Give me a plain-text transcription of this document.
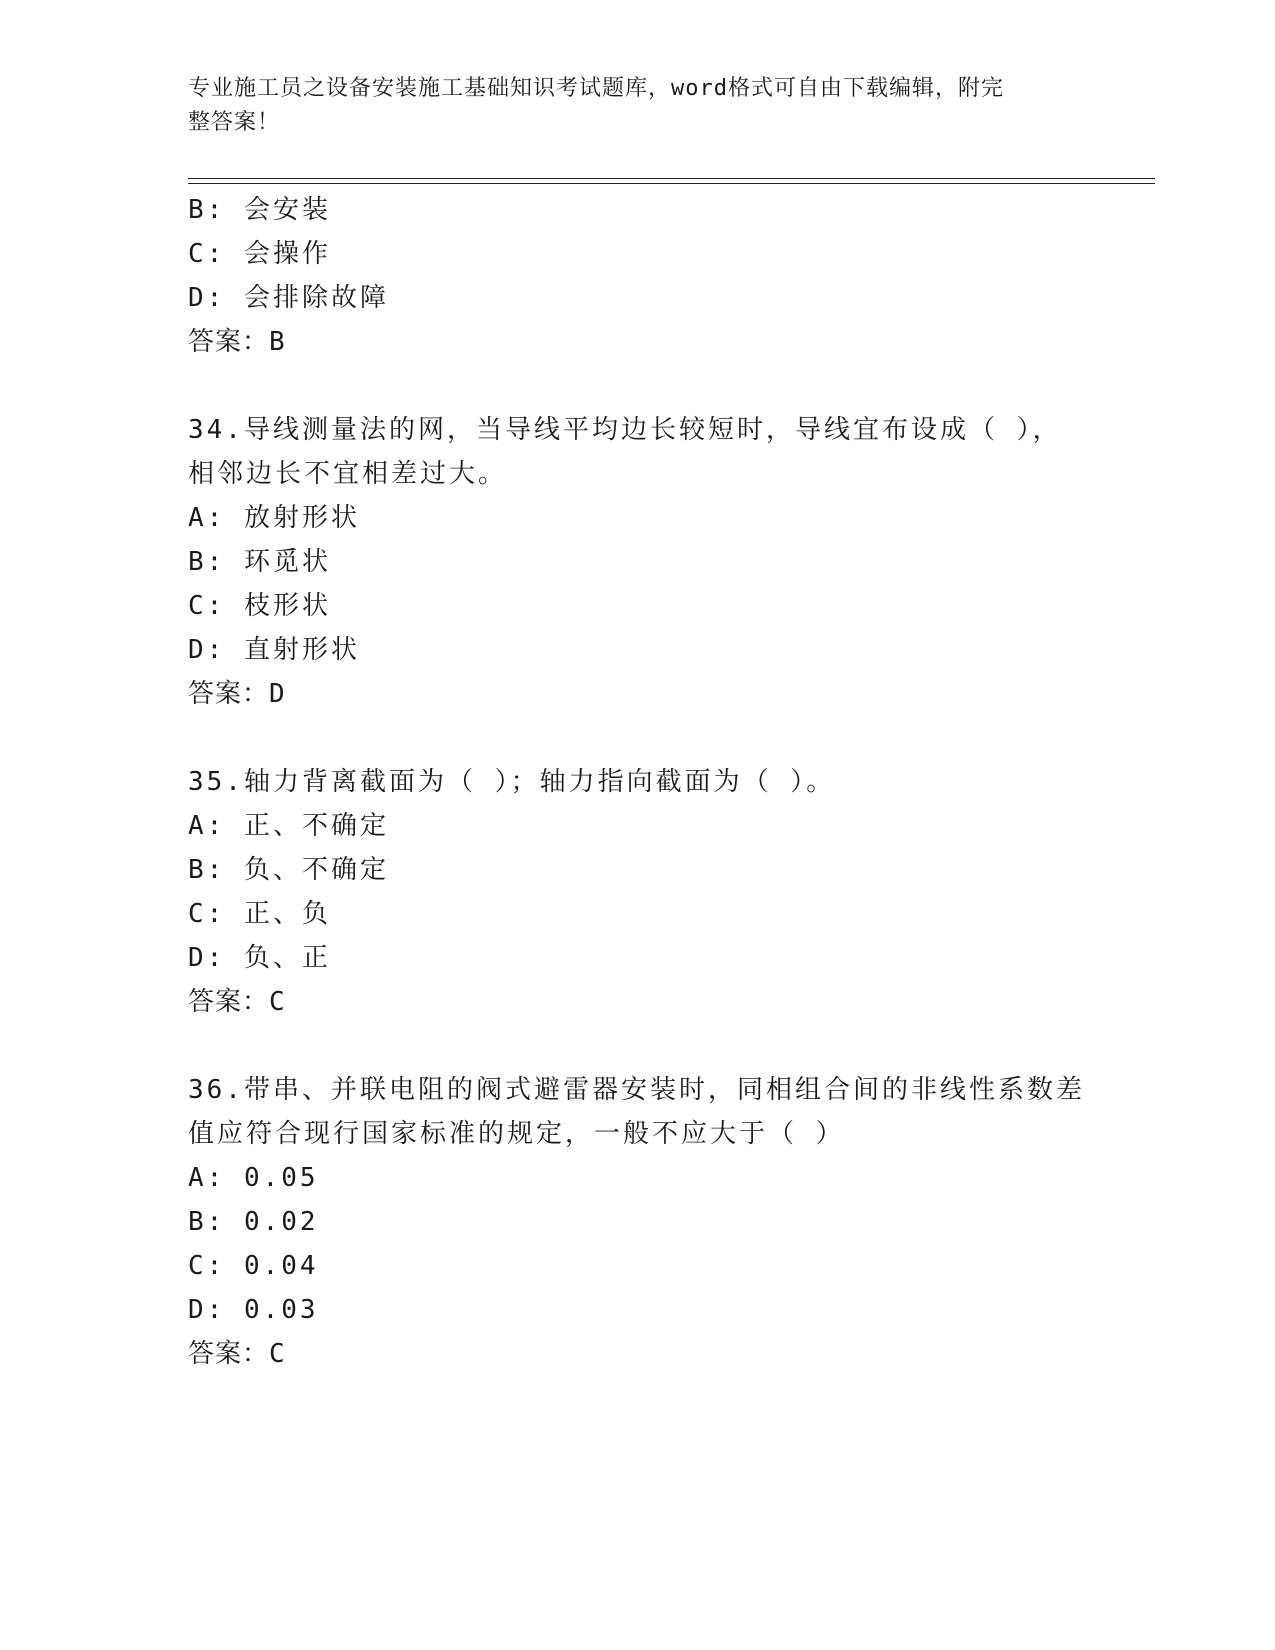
专业施工员之设备安装施工基础知识考试题库，word格式可自由下载编辑，附完
整答案！
B: 会安装
C: 会操作
D: 会排除故障
答案：B
34.导线测量法的网，当导线平均边长较短时，导线宜布设成（ ），
相邻边长不宜相差过大。
A: 放射形状
B: 环觅状
C: 枝形状
D: 直射形状
答案：D
35.轴力背离截面为（ ）；轴力指向截面为（ ）。
A: 正、不确定
B: 负、不确定
C: 正、负
D: 负、正
答案：C
36.带串、并联电阻的阀式避雷器安装时，同相组合间的非线性系数差
值应符合现行国家标准的规定，一般不应大于（ ）
A: 0.05
B: 0.02
C: 0.04
D: 0.03
答案：C
